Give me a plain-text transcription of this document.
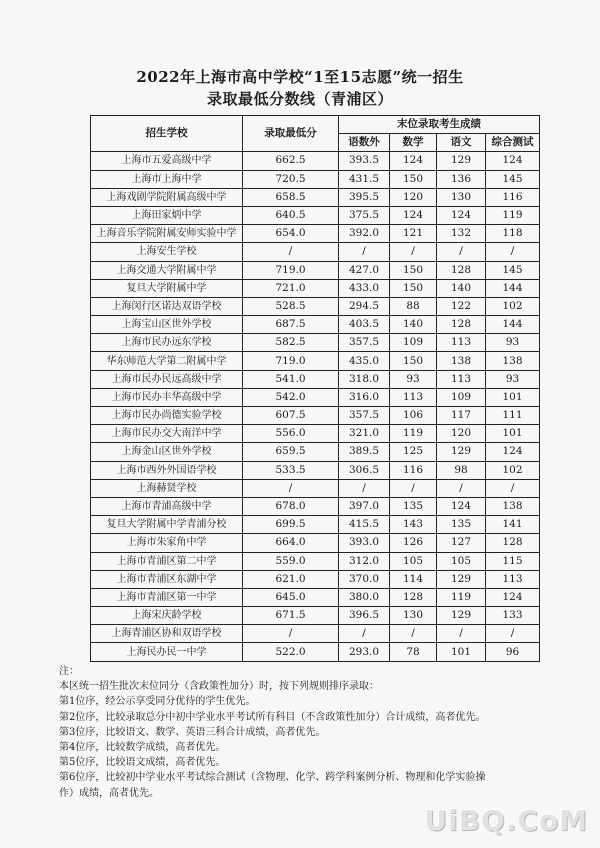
2022年上海市高中学校“1至15志愿”统一招生
录取最低分数线（青浦区）
招生学校	录取最低分	末位录取考生成绩			
		语数外	数学	语文	综合测试
上海市五爱高级中学	662.5	393.5	124	129	124
上海市上海中学	720.5	431.5	150	136	145
上海戏剧学院附属高级中学	658.5	395.5	120	130	116
上海田家炳中学	640.5	375.5	124	124	119
上海音乐学院附属安师实验中学	654.0	392.0	121	132	118
上海安生学校	/	/	/	/	/
上海交通大学附属中学	719.0	427.0	150	128	145
复旦大学附属中学	721.0	433.0	150	140	144
上海闵行区诺达双语学校	528.5	294.5	88	122	102
上海宝山区世外学校	687.5	403.5	140	128	144
上海市民办远东学校	582.5	357.5	109	113	93
华东师范大学第二附属中学	719.0	435.0	150	138	138
上海市民办民远高级中学	541.0	318.0	93	113	93
上海市民办丰华高级中学	542.0	316.0	113	109	101
上海市民办尚德实验学校	607.5	357.5	106	117	111
上海市民办交大南洋中学	556.0	321.0	119	120	101
上海金山区世外学校	659.5	389.5	125	129	124
上海市西外外国语学校	533.5	306.5	116	98	102
上海赫贤学校	/	/	/	/	/
上海市青浦高级中学	678.0	397.0	135	124	138
复旦大学附属中学青浦分校	699.5	415.5	143	135	141
上海市朱家角中学	664.0	393.0	126	127	128
上海市青浦区第二中学	559.0	312.0	105	105	115
上海市青浦区东湖中学	621.0	370.0	114	129	113
上海市青浦区第一中学	645.0	380.0	128	119	124
上海宋庆龄学校	671.5	396.5	130	129	133
上海青浦区协和双语学校	/	/	/	/	/
上海民办民一中学	522.0	293.0	78	101	96
注：
本区统一招生批次末位同分（含政策性加分）时，按下列规则排序录取：
第1位序，经公示享受同分优待的学生优先。
第2位序，比较录取总分中初中学业水平考试所有科目（不含政策性加分）合计成绩，高者优先。
第3位序，比较语文、数学、英语三科合计成绩，高者优先。
第4位序，比较数学成绩，高者优先。
第5位序，比较语文成绩，高者优先。
第6位序，比较初中学业水平考试综合测试（含物理、化学、跨学科案例分析、物理和化学实验操
作）成绩，高者优先。
UiBQ.CoM
